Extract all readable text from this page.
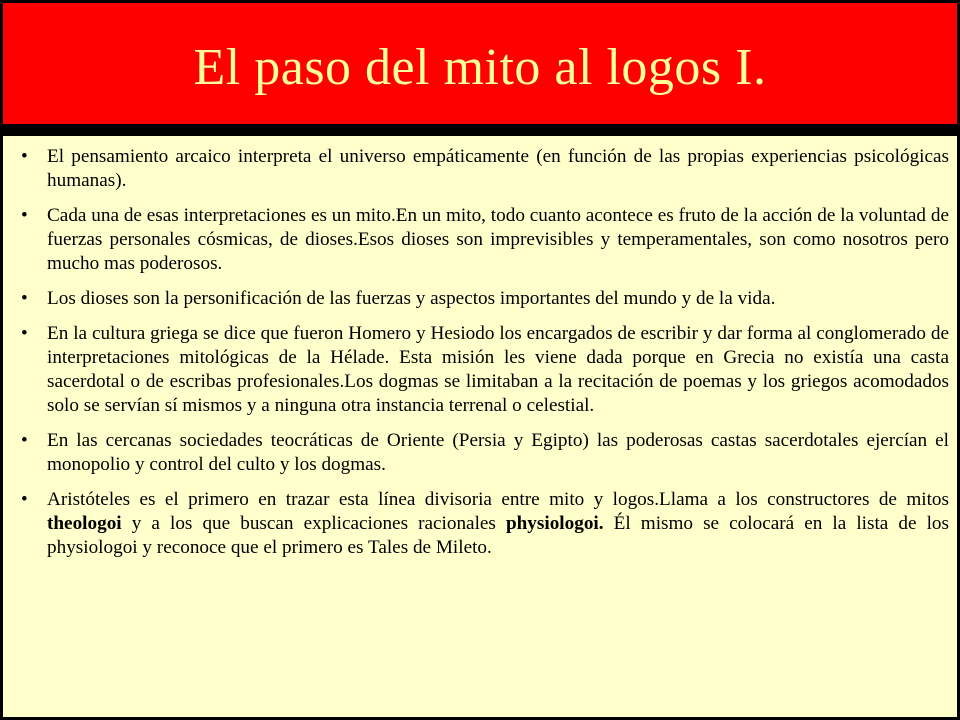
El paso del mito al logos I.
•	El pensamiento arcaico interpreta el universo empáticamente (en función de las propias experiencias psicológicas humanas).
•	Cada una de esas interpretaciones es un mito.En un mito, todo cuanto acontece es fruto de la acción de la voluntad de fuerzas personales cósmicas, de dioses.Esos dioses son imprevisibles y temperamentales, son como nosotros pero mucho mas poderosos.
•	Los dioses son la personificación de las fuerzas y aspectos importantes del mundo y de la vida.
•	En la cultura griega se dice que fueron Homero y Hesiodo los encargados de escribir y dar forma al conglomerado de interpretaciones mitológicas de la Hélade. Esta misión les viene dada porque en Grecia no existía una casta sacerdotal o de escribas profesionales.Los dogmas se limitaban a la recitación de poemas y los griegos acomodados solo se servían sí mismos y a ninguna otra instancia terrenal o celestial.
•	En las cercanas sociedades teocráticas de Oriente (Persia y Egipto) las poderosas castas sacerdotales ejercían el monopolio y control del culto y los dogmas.
•	Aristóteles es el primero en trazar esta línea divisoria entre mito y logos.Llama a los constructores de mitos theologoi y a los que buscan explicaciones racionales physiologoi. Él mismo se colocará en la lista de los physiologoi y reconoce que el primero es Tales de Mileto.
